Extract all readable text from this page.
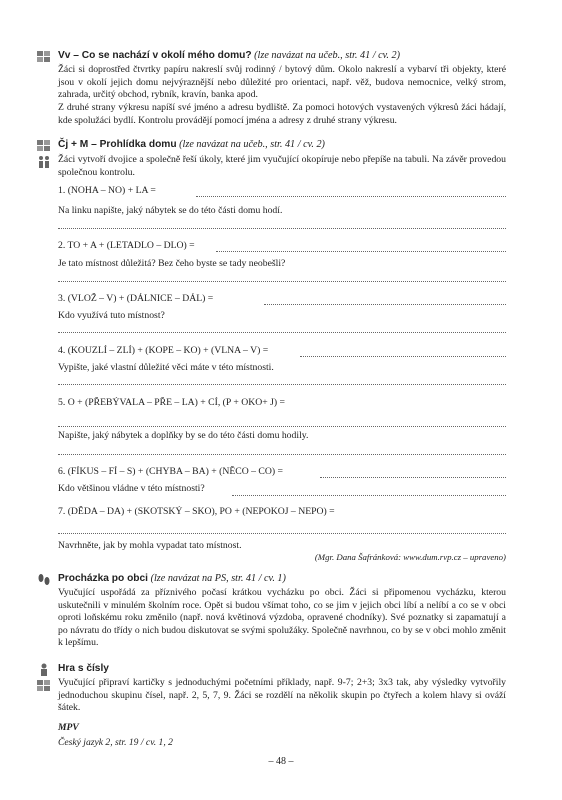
Vv – Co se nachází v okolí mého domu? (lze navázat na učeb., str. 41 / cv. 2)
Žáci si doprostřed čtvrtky papíru nakreslí svůj rodinný / bytový dům. Okolo nakreslí a vybarví tři objekty, které jsou v okolí jejich domu nejvýraznější nebo důležité pro orientaci, např. věž, budova nemocnice, velký strom, zahrada, určitý obchod, rybník, kravín, banka apod.
Z druhé strany výkresu napíší své jméno a adresu bydliště. Za pomoci hotových vystavených výkresů žáci hádají, kde spolužáci bydlí. Kontrolu provádějí pomocí jména a adresy z druhé strany výkresu.
Čj + M – Prohlídka domu (lze navázat na učeb., str. 41 / cv. 2)
Žáci vytvoří dvojice a společně řeší úkoly, které jim vyučující okopíruje nebo přepíše na tabuli. Na závěr provedou společnou kontrolu.
1. (NOHA – NO) + LA =
Na linku napište, jaký nábytek se do této části domu hodí.
2. TO + A + (LETADLO – DLO) =
Je tato místnost důležitá? Bez čeho byste se tady neobešli?
3. (VLOŽ – V) + (DÁLNICE – DÁL) =
Kdo využívá tuto místnost?
4. (KOUZLÍ – ZLÍ) + (KOPE – KO) + (VLNA – V) =
Vypište, jaké vlastní důležité věci máte v této místnosti.
5. O + (PŘEBÝVALA – PŘE – LA) + CÍ, (P + OKO+ J) =
Napište, jaký nábytek a doplňky by se do této části domu hodily.
6. (FÍKUS – FÍ – S) + (CHYBA – BA) + (NĚCO – CO) =
Kdo většinou vládne v této místnosti?
7. (DĚDA – DA) + (SKOTSKÝ – SKO), PO + (NEPOKOJ – NEPO) =
Navrhněte, jak by mohla vypadat tato místnost.
(Mgr. Dana Šafránková: www.dum.rvp.cz – upraveno)
Procházka po obci (lze navázat na PS, str. 41 / cv. 1)
Vyučující uspořádá za příznivého počasí krátkou vycházku po obci. Žáci si připomenou vycházku, kterou uskutečnili v minulém školním roce. Opět si budou všímat toho, co se jim v jejich obci líbí a nelíbí a co se v obci oproti loňskému roku změnilo (např. nová květinová výzdoba, opravené chodníky). Své poznatky si zapamatují a po návratu do třídy o nich budou diskutovat se svými spolužáky. Společně navrhnou, co by se v obci mohlo změnit k lepšímu.
Hra s čísly
Vyučující připraví kartičky s jednoduchými početními příklady, např. 9-7; 2+3; 3x3 tak, aby výsledky vytvořily jednoduchou skupinu čísel, např. 2, 5, 7, 9. Žáci se rozdělí na několik skupin po čtyřech a kolem hlavy si ováží šátek.
MPV
Český jazyk 2, str. 19 / cv. 1, 2
– 48 –
